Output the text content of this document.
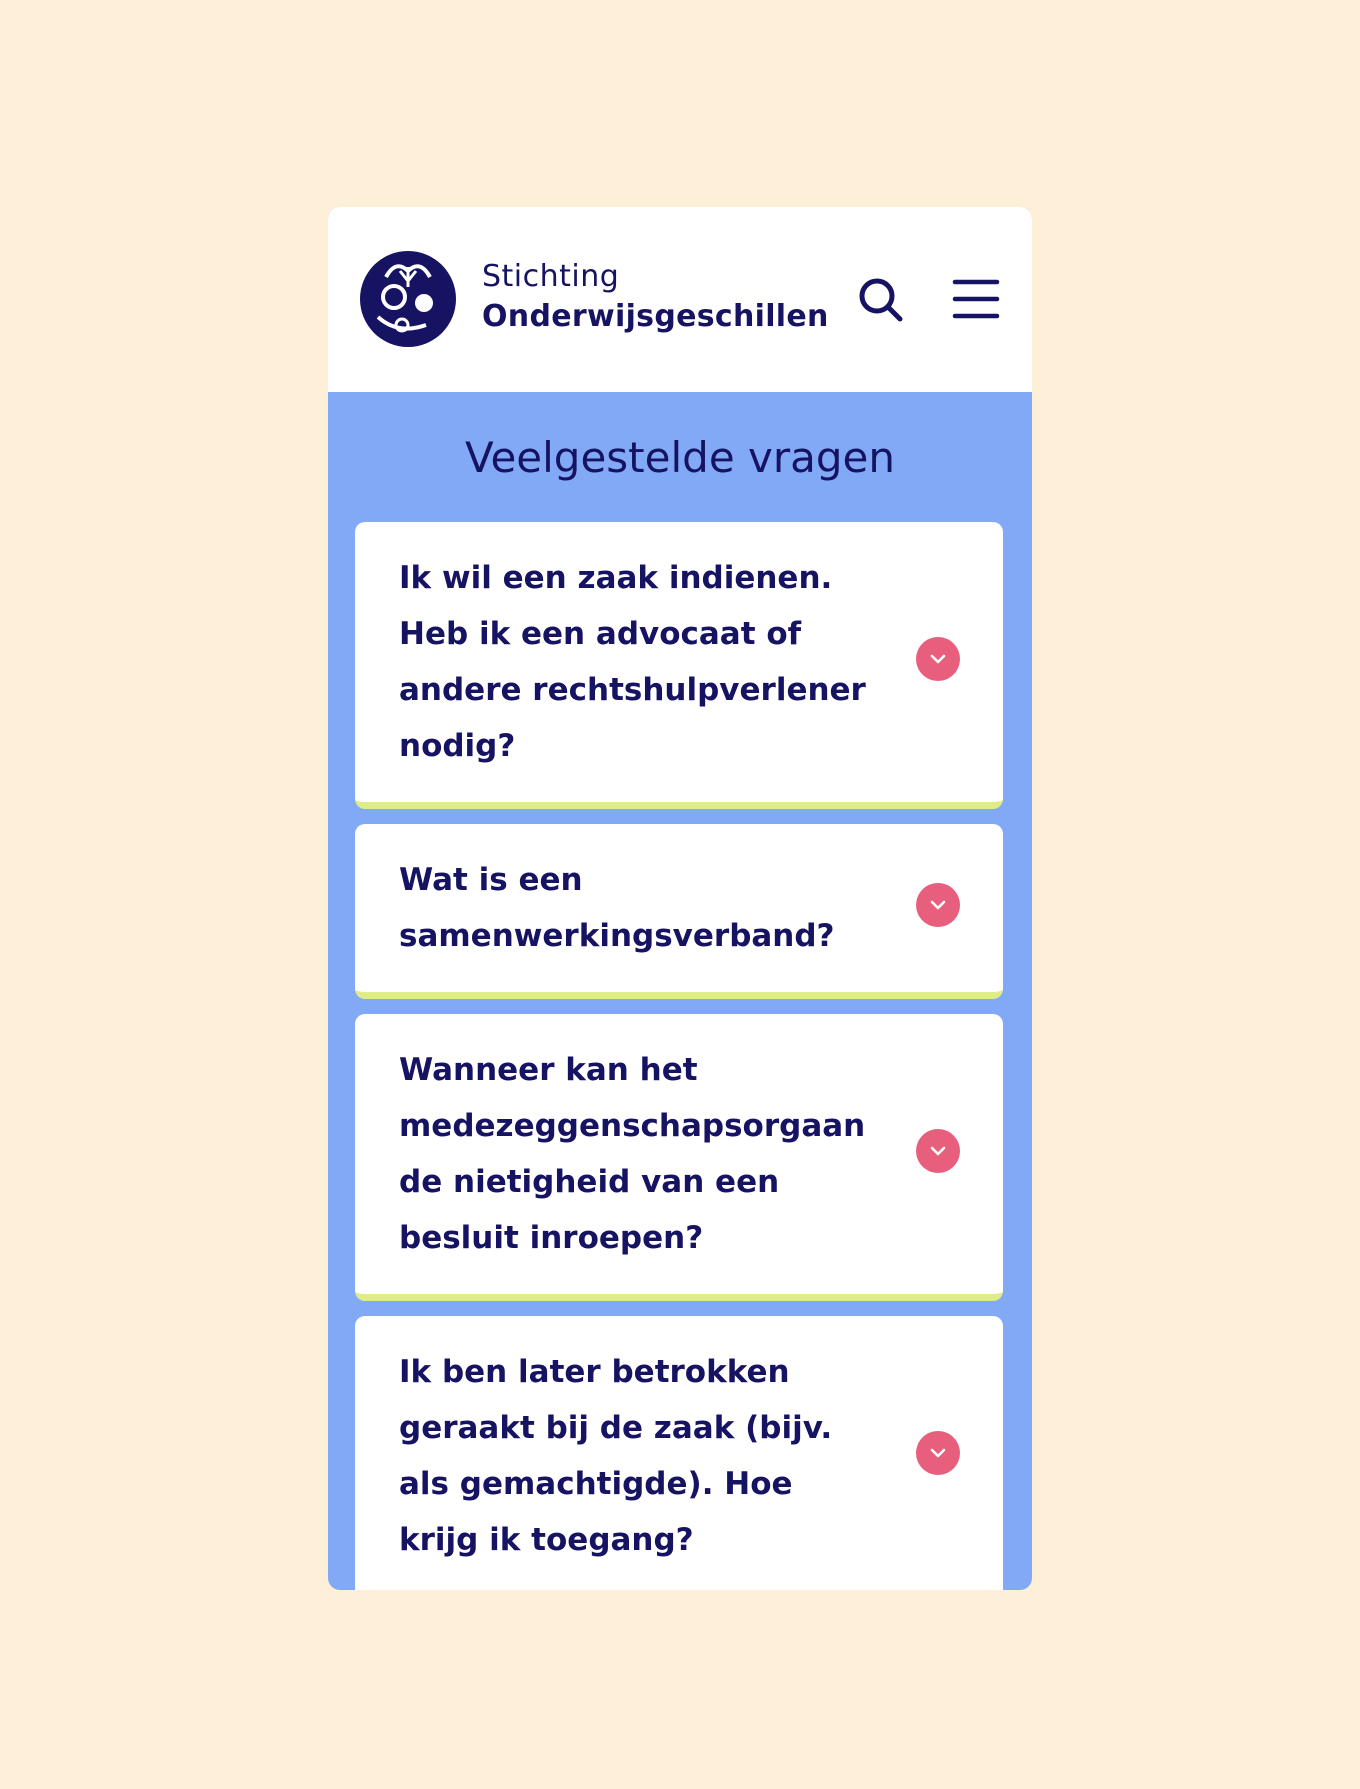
Stichting
Onderwijsgeschillen
Veelgestelde vragen
Ik wil een zaak indienen. Heb ik een advocaat of andere rechtshulpverlener nodig?
Wat is een samenwerkingsverband?
Wanneer kan het medezeggenschapsorgaan de nietigheid van een besluit inroepen?
Ik ben later betrokken geraakt bij de zaak (bijv. als gemachtigde). Hoe krijg ik toegang?
